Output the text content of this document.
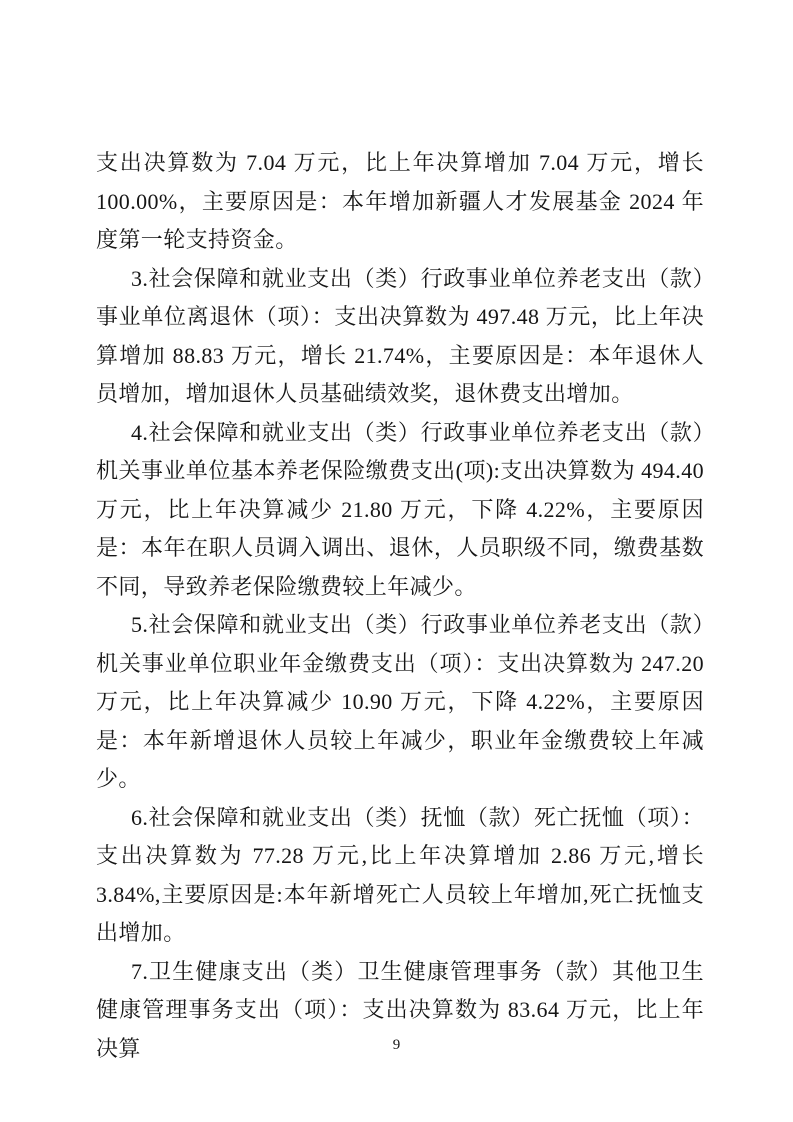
支出决算数为 7.04 万元，比上年决算增加 7.04 万元，增长 100.00%，主要原因是：本年增加新疆人才发展基金 2024 年度第一轮支持资金。

3.社会保障和就业支出（类）行政事业单位养老支出（款）事业单位离退休（项）：支出决算数为 497.48 万元，比上年决算增加 88.83 万元，增长 21.74%，主要原因是：本年退休人员增加，增加退休人员基础绩效奖，退休费支出增加。

4.社会保障和就业支出（类）行政事业单位养老支出（款）机关事业单位基本养老保险缴费支出(项):支出决算数为 494.40 万元，比上年决算减少 21.80 万元，下降 4.22%，主要原因是：本年在职人员调入调出、退休，人员职级不同，缴费基数不同，导致养老保险缴费较上年减少。

5.社会保障和就业支出（类）行政事业单位养老支出（款）机关事业单位职业年金缴费支出（项）：支出决算数为 247.20 万元，比上年决算减少 10.90 万元，下降 4.22%，主要原因是：本年新增退休人员较上年减少，职业年金缴费较上年减少。

6.社会保障和就业支出（类）抚恤（款）死亡抚恤（项）：支出决算数为 77.28 万元,比上年决算增加 2.86 万元,增长 3.84%,主要原因是:本年新增死亡人员较上年增加,死亡抚恤支出增加。

7.卫生健康支出（类）卫生健康管理事务（款）其他卫生健康管理事务支出（项）：支出决算数为 83.64 万元，比上年决算	9
